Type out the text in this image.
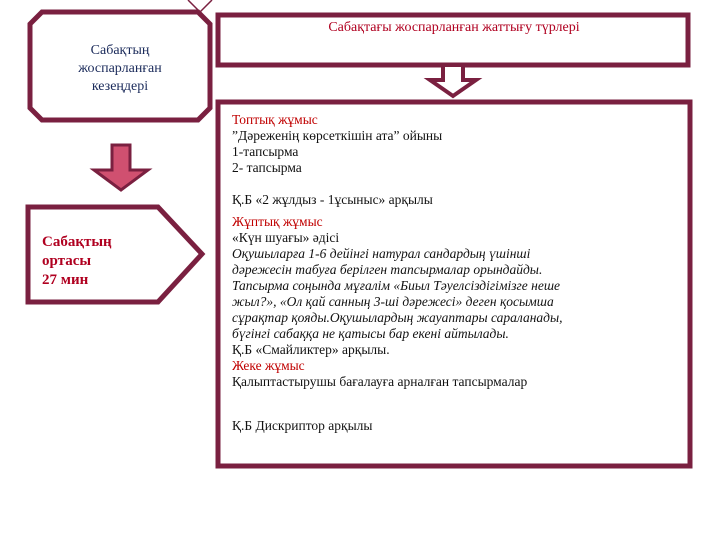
Сабақтың
жоспарланған
кезеңдері
Сабақтағы жоспарланған жаттығу түрлері
Сабақтың
ортасы
27 мин
Топтық жұмыс
”Дәреженің көрсеткішін ата” ойыны
1-тапсырма
2- тапсырма
Қ.Б «2 жұлдыз - 1ұсыныс» арқылы
Жұптық жұмыс
«Күн шуағы» әдісі
Оқушыларға 1-6 дейінгі натурал сандардың үшінші
дәрежесін табуға берілген тапсырмалар орындайды.
Тапсырма соңында мұғалім «Биыл Тәуелсіздігімізге неше
жыл?», «Ол қай санның 3-ші дәрежесі» деген қосымша
сұрақтар қояды.Оқушылардың жауаптары сараланады,
бүгінгі сабаққа не қатысы бар екені айтылады.
Қ.Б «Смайликтер» арқылы.
Жеке жұмыс
Қалыптастырушы бағалауға арналған тапсырмалар
Қ.Б Дискриптор арқылы
